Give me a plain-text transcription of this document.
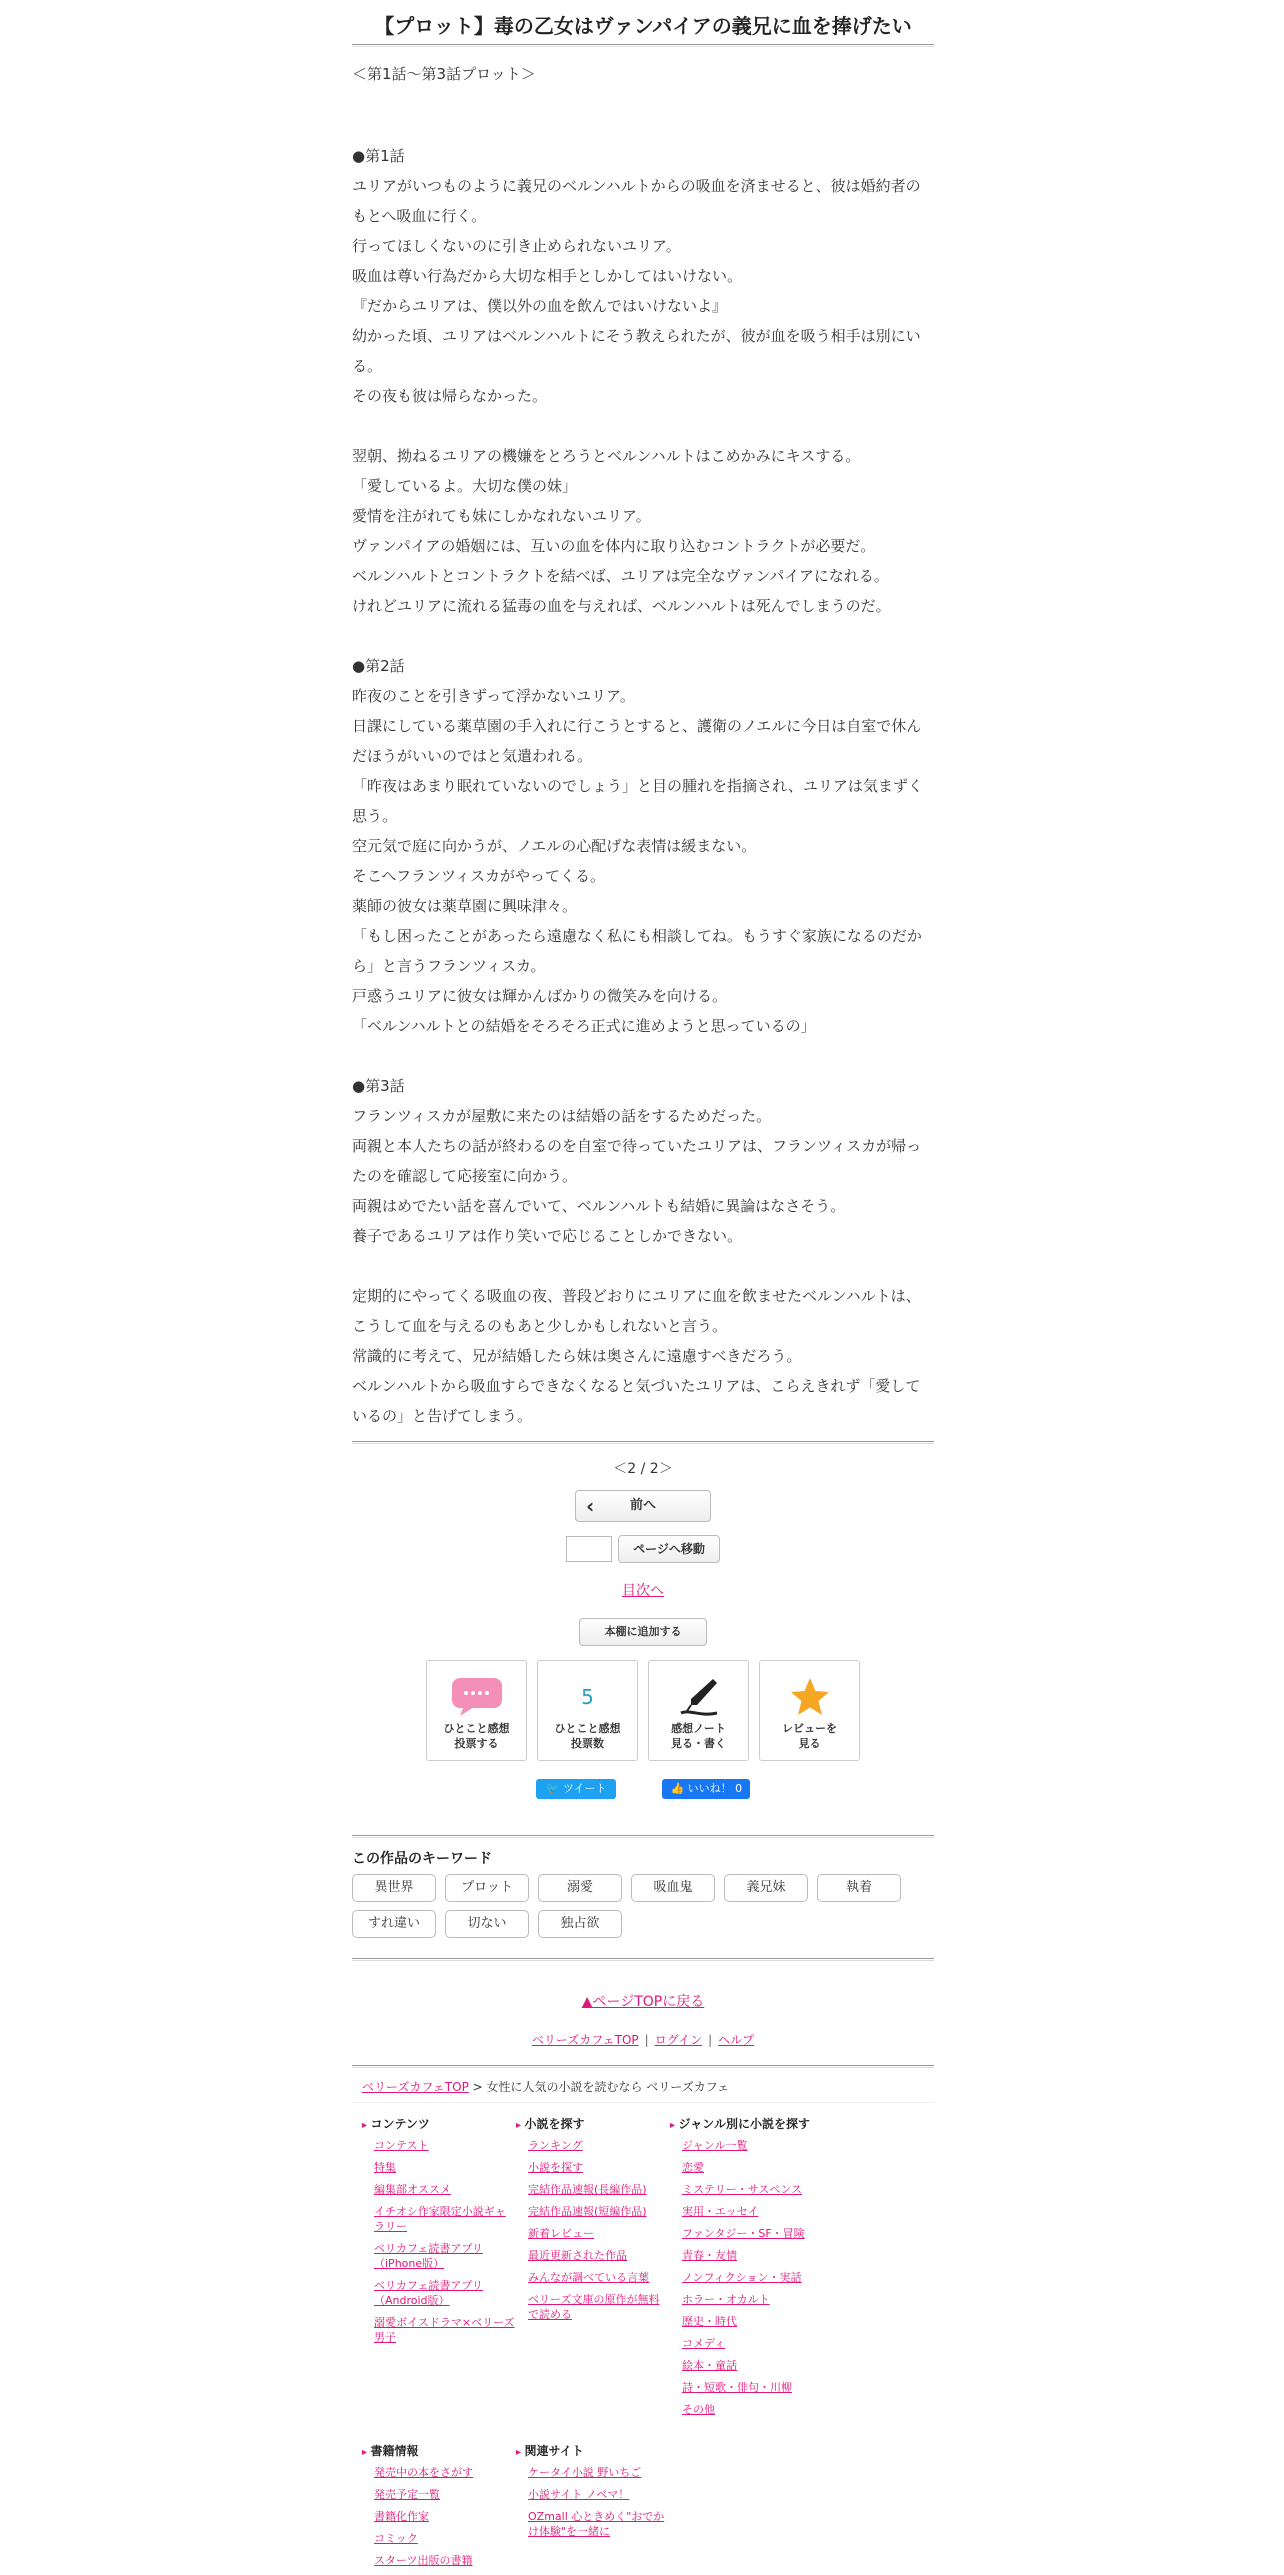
【プロット】毒の乙女はヴァンパイアの義兄に血を捧げたい
＜第1話〜第3話プロット＞

●第1話

ユリアがいつものように義兄のベルンハルトからの吸血を済ませると、彼は婚約者のもとへ吸血に行く。

行ってほしくないのに引き止められないユリア。

吸血は尊い行為だから大切な相手としかしてはいけない。

『だからユリアは、僕以外の血を飲んではいけないよ』

幼かった頃、ユリアはベルンハルトにそう教えられたが、彼が血を吸う相手は別にいる。

その夜も彼は帰らなかった。

翌朝、拗ねるユリアの機嫌をとろうとベルンハルトはこめかみにキスする。

「愛しているよ。大切な僕の妹」

愛情を注がれても妹にしかなれないユリア。

ヴァンパイアの婚姻には、互いの血を体内に取り込むコントラクトが必要だ。

ベルンハルトとコントラクトを結べば、ユリアは完全なヴァンパイアになれる。

けれどユリアに流れる猛毒の血を与えれば、ベルンハルトは死んでしまうのだ。

●第2話

昨夜のことを引きずって浮かないユリア。

日課にしている薬草園の手入れに行こうとすると、護衛のノエルに今日は自室で休んだほうがいいのではと気遣われる。

「昨夜はあまり眠れていないのでしょう」と目の腫れを指摘され、ユリアは気まずく思う。

空元気で庭に向かうが、ノエルの心配げな表情は緩まない。

そこへフランツィスカがやってくる。

薬師の彼女は薬草園に興味津々。

「もし困ったことがあったら遠慮なく私にも相談してね。もうすぐ家族になるのだから」と言うフランツィスカ。

戸惑うユリアに彼女は輝かんばかりの微笑みを向ける。

「ベルンハルトとの結婚をそろそろ正式に進めようと思っているの」

●第3話

フランツィスカが屋敷に来たのは結婚の話をするためだった。

両親と本人たちの話が終わるのを自室で待っていたユリアは、フランツィスカが帰ったのを確認して応接室に向かう。

両親はめでたい話を喜んでいて、ベルンハルトも結婚に異論はなさそう。

養子であるユリアは作り笑いで応じることしかできない。

定期的にやってくる吸血の夜、普段どおりにユリアに血を飲ませたベルンハルトは、こうして血を与えるのもあと少しかもしれないと言う。

常識的に考えて、兄が結婚したら妹は奥さんに遠慮すべきだろう。

ベルンハルトから吸血すらできなくなると気づいたユリアは、こらえきれず「愛しているの」と告げてしまう。

＜2 / 2＞
‹	前へ
ページへ移動
目次へ
本棚に追加する
ひとこと感想
投票する
5
ひとこと感想
投票数
感想ノート
見る・書く
レビューを
見る
🐦 ツイート	👍 いいね！ 0
この作品のキーワード
異世界	プロット	溺愛	吸血鬼	義兄妹	執着
すれ違い	切ない	独占欲
▲ページTOPに戻る
ベリーズカフェTOP | ログイン | ヘルプ
ベリーズカフェTOP > 女性に人気の小説を読むなら ベリーズカフェ
▸ コンテンツ
コンテスト
特集
編集部オススメ
イチオシ作家限定小説ギャラリー
ベリカフェ読書アプリ（iPhone版）
ベリカフェ読書アプリ（Android版）
溺愛ボイスドラマ×ベリーズ男子
▸ 小説を探す
ランキング
小説を探す
完結作品速報(長編作品)
完結作品速報(短編作品)
新着レビュー
最近更新された作品
みんなが調べている言葉
ベリーズ文庫の原作が無料で読める
▸ ジャンル別に小説を探す
ジャンル一覧
恋愛
ミステリー・サスペンス
実用・エッセイ
ファンタジー・SF・冒険
青春・友情
ノンフィクション・実話
ホラー・オカルト
歴史・時代
コメディ
絵本・童話
詩・短歌・俳句・川柳
その他
▸ 書籍情報
発売中の本をさがす
発売予定一覧
書籍化作家
コミック
スターツ出版の書籍
▸ 関連サイト
ケータイ小説 野いちご
小説サイト ノベマ！
OZmall 心ときめく"おでかけ体験"を一緒に
